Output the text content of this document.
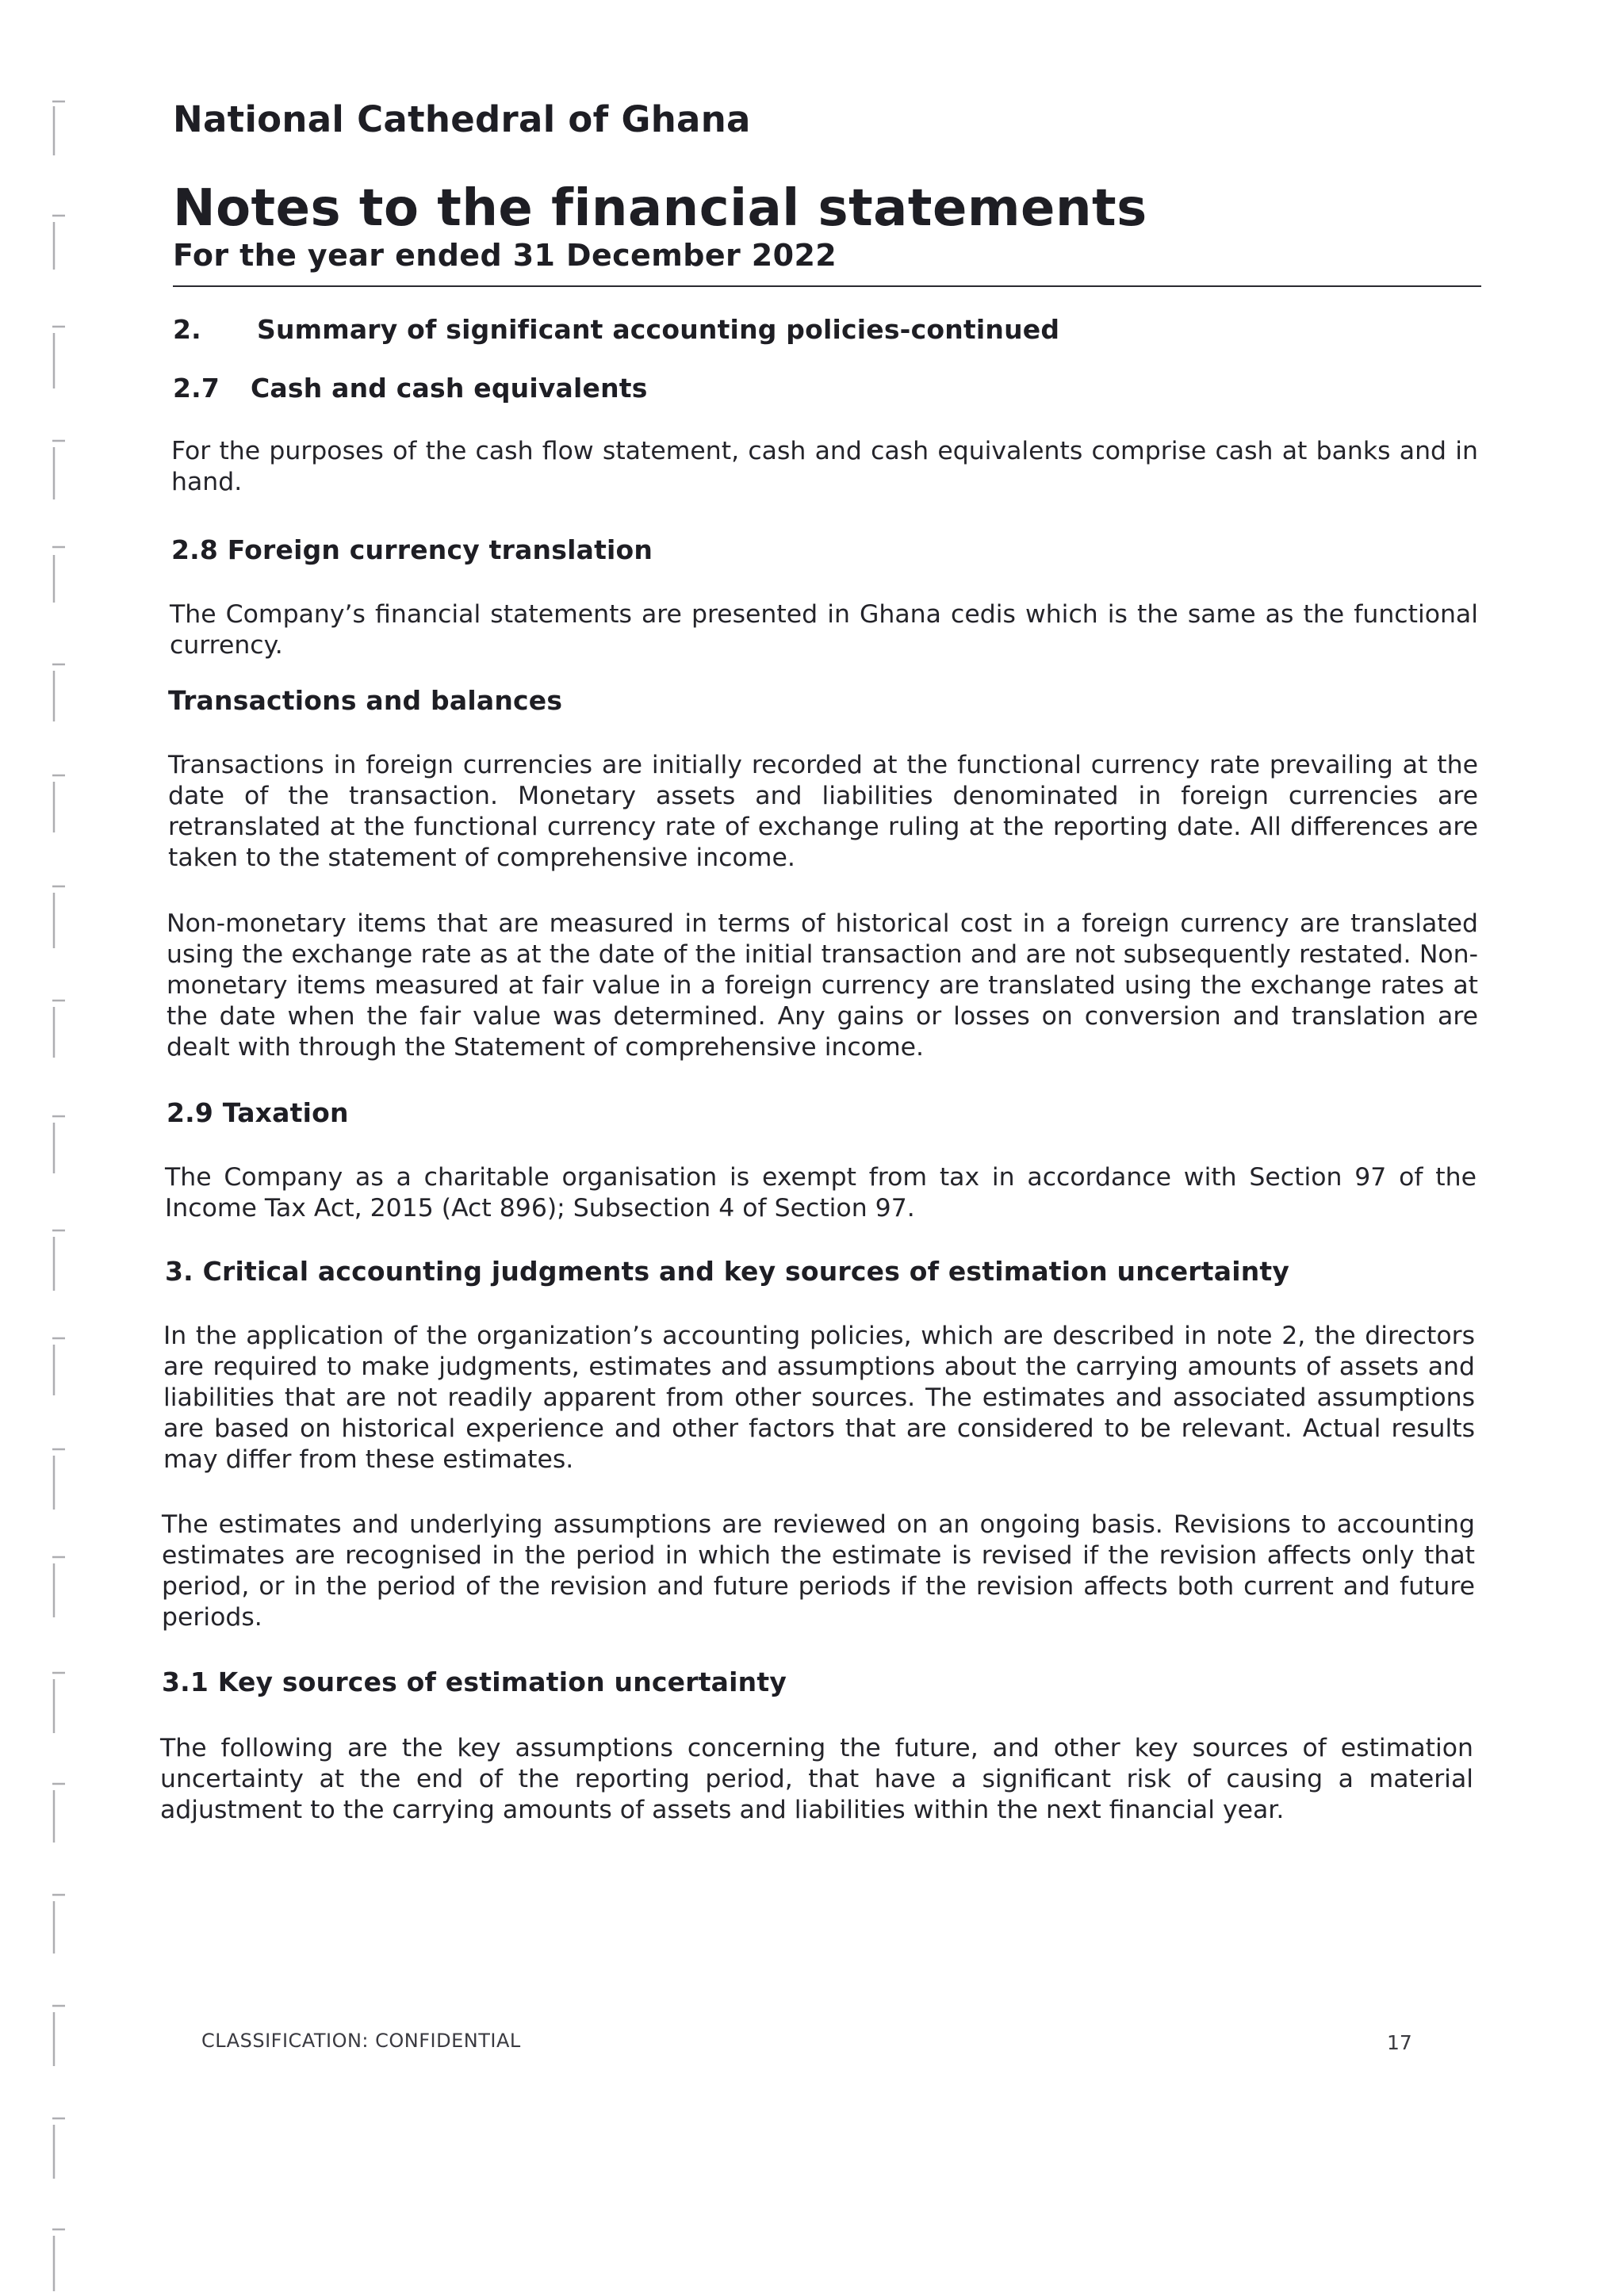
National Cathedral of Ghana
Notes to the financial statements
For the year ended 31 December 2022
2. Summary of significant accounting policies-continued
2.7 Cash and cash equivalents
For the purposes of the cash flow statement, cash and cash equivalents comprise cash at banks and in hand.
2.8 Foreign currency translation
The Company’s financial statements are presented in Ghana cedis which is the same as the functional currency.
Transactions and balances
Transactions in foreign currencies are initially recorded at the functional currency rate prevailing at the date of the transaction. Monetary assets and liabilities denominated in foreign currencies are retranslated at the functional currency rate of exchange ruling at the reporting date. All differences are taken to the statement of comprehensive income.
Non-monetary items that are measured in terms of historical cost in a foreign currency are translated using the exchange rate as at the date of the initial transaction and are not subsequently restated. Non-monetary items measured at fair value in a foreign currency are translated using the exchange rates at the date when the fair value was determined. Any gains or losses on conversion and translation are dealt with through the Statement of comprehensive income.
2.9 Taxation
The Company as a charitable organisation is exempt from tax in accordance with Section 97 of the Income Tax Act, 2015 (Act 896); Subsection 4 of Section 97.
3. Critical accounting judgments and key sources of estimation uncertainty
In the application of the organization’s accounting policies, which are described in note 2, the directors are required to make judgments, estimates and assumptions about the carrying amounts of assets and liabilities that are not readily apparent from other sources. The estimates and associated assumptions are based on historical experience and other factors that are considered to be relevant. Actual results may differ from these estimates.
The estimates and underlying assumptions are reviewed on an ongoing basis. Revisions to accounting estimates are recognised in the period in which the estimate is revised if the revision affects only that period, or in the period of the revision and future periods if the revision affects both current and future periods.
3.1 Key sources of estimation uncertainty
The following are the key assumptions concerning the future, and other key sources of estimation uncertainty at the end of the reporting period, that have a significant risk of causing a material adjustment to the carrying amounts of assets and liabilities within the next financial year.
CLASSIFICATION: CONFIDENTIAL	17
